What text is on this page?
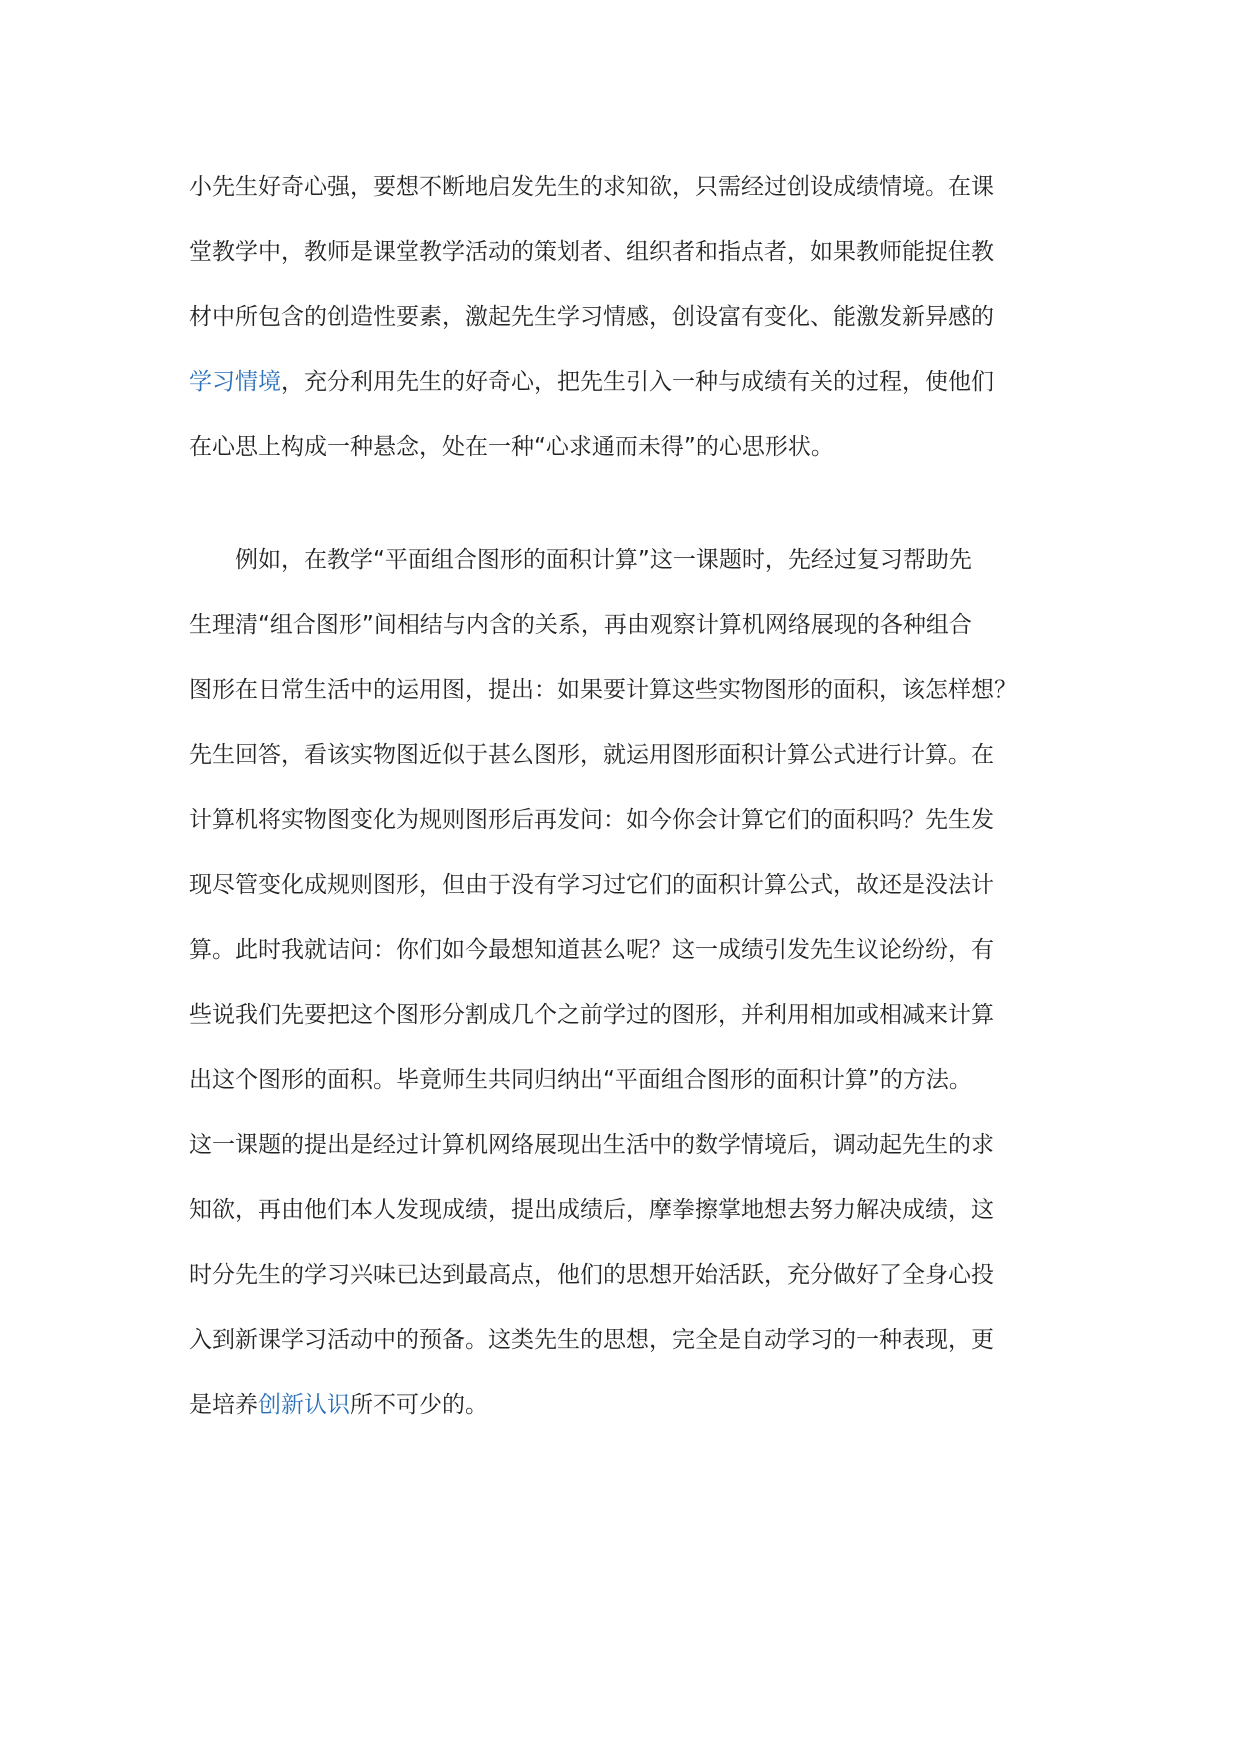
小先生好奇心强，要想不断地启发先生的求知欲，只需经过创设成绩情境。在课
堂教学中，教师是课堂教学活动的策划者、组织者和指点者，如果教师能捉住教
材中所包含的创造性要素，激起先生学习情感，创设富有变化、能激发新异感的
学习情境，充分利用先生的好奇心，把先生引入一种与成绩有关的过程，使他们
在心思上构成一种悬念，处在一种“心求通而未得”的心思形状。

例如，在教学“平面组合图形的面积计算”这一课题时，先经过复习帮助先
生理清“组合图形”间相结与内含的关系，再由观察计算机网络展现的各种组合
图形在日常生活中的运用图，提出：如果要计算这些实物图形的面积，该怎样想？
先生回答，看该实物图近似于甚么图形，就运用图形面积计算公式进行计算。在
计算机将实物图变化为规则图形后再发问：如今你会计算它们的面积吗？先生发
现尽管变化成规则图形，但由于没有学习过它们的面积计算公式，故还是没法计
算。此时我就诘问：你们如今最想知道甚么呢？这一成绩引发先生议论纷纷，有
些说我们先要把这个图形分割成几个之前学过的图形，并利用相加或相减来计算
出这个图形的面积。毕竟师生共同归纳出“平面组合图形的面积计算”的方法。
这一课题的提出是经过计算机网络展现出生活中的数学情境后，调动起先生的求
知欲，再由他们本人发现成绩，提出成绩后，摩拳擦掌地想去努力解决成绩，这
时分先生的学习兴味已达到最高点，他们的思想开始活跃，充分做好了全身心投
入到新课学习活动中的预备。这类先生的思想，完全是自动学习的一种表现，更
是培养创新认识所不可少的。
